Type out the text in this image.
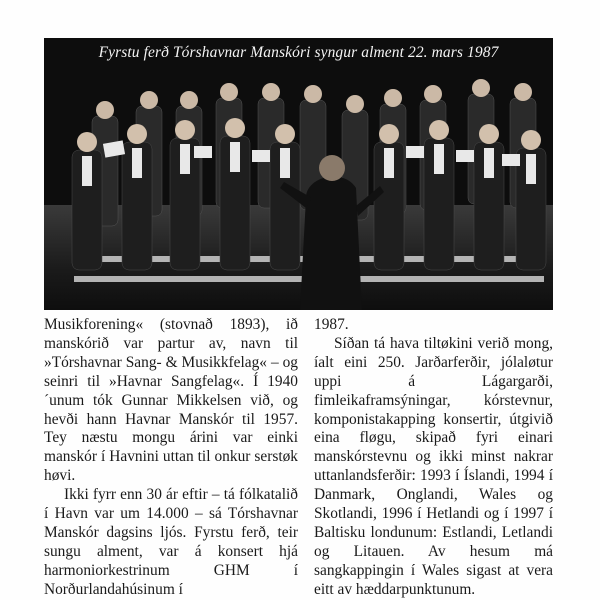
Fyrstu ferð Tórshavnar Manskóri syngur alment 22. mars 1987

Musikforening« (stovnað 1893), ið manskórið var partur av, navn til »Tórshavnar Sang- & Musikkfelag« – og seinri til »Havnar Sangfelag«. Í 1940´unum tók Gunnar Mikkelsen við, og hevði hann Havnar Manskór til 1957. Tey næstu mongu árini var einki manskór í Havnini uttan til onkur serstøk høvi.

Ikki fyrr enn 30 ár eftir – tá fólkatalið í Havn var um 14.000 – sá Tórshavnar Manskór dagsins ljós. Fyrstu ferð, teir sungu alment, var á konsert hjá harmoniorkestrinum GHM í Norðurlandahúsinum í

1987.

Síðan tá hava tiltøkini verið mong, íalt eini 250. Jarðarferðir, jólaløtur uppi á Lágargarði, fimleikaframsýningar, kórstevnur, komponistakapping konsertir, útgivið eina fløgu, skipað fyri einari manskórstevnu og ikki minst nakrar uttanlandsferðir: 1993 í Íslandi, 1994 í Danmark, Onglandi, Wales og Skotlandi, 1996 í Hetlandi og í 1997 í Baltisku londunum: Estlandi, Letlandi og Litauen. Av hesum má sangkappingin í Wales sigast at vera eitt av hæddarpunktunum.
